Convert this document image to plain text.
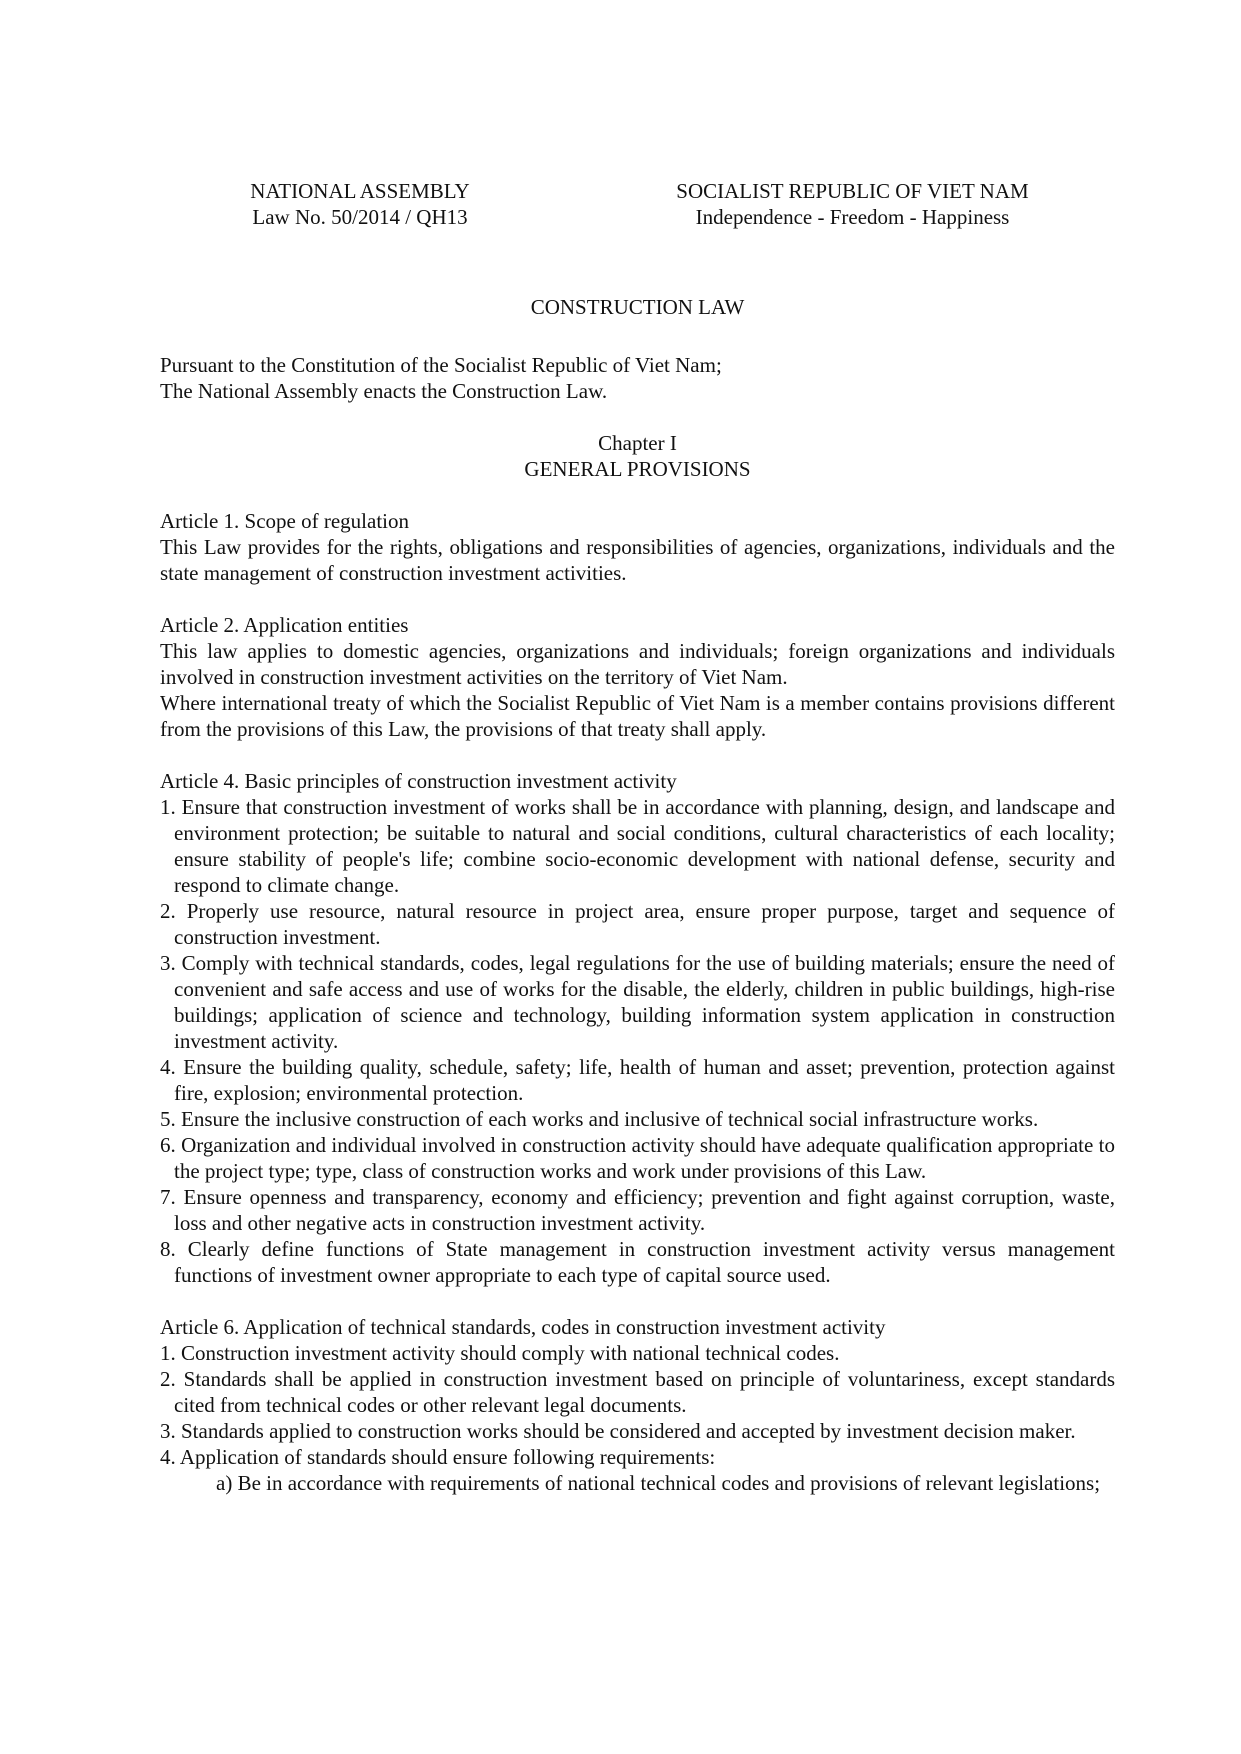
NATIONAL ASSEMBLY
Law No. 50/2014 / QH13
SOCIALIST REPUBLIC OF VIET NAM
Independence - Freedom - Happiness
CONSTRUCTION LAW
Pursuant to the Constitution of the Socialist Republic of Viet Nam;
The National Assembly enacts the Construction Law.
Chapter I
GENERAL PROVISIONS
Article 1. Scope of regulation

This Law provides for the rights, obligations and responsibilities of agencies, organizations, individuals and the state management of construction investment activities.

Article 2. Application entities

This law applies to domestic agencies, organizations and individuals; foreign organizations and individuals involved in construction investment activities on the territory of Viet Nam.

Where international treaty of which the Socialist Republic of Viet Nam is a member contains provisions different from the provisions of this Law, the provisions of that treaty shall apply.

Article 4. Basic principles of construction investment activity
1. Ensure that construction investment of works shall be in accordance with planning, design, and landscape and environment protection; be suitable to natural and social conditions, cultural characteristics of each locality; ensure stability of people's life; combine socio-economic development with national defense, security and respond to climate change.
2. Properly use resource, natural resource in project area, ensure proper purpose, target and sequence of construction investment.
3. Comply with technical standards, codes, legal regulations for the use of building materials; ensure the need of convenient and safe access and use of works for the disable, the elderly, children in public buildings, high-rise buildings; application of science and technology, building information system application in construction investment activity.
4. Ensure the building quality, schedule, safety; life, health of human and asset; prevention, protection against fire, explosion; environmental protection.
5. Ensure the inclusive construction of each works and inclusive of technical social infrastructure works.
6. Organization and individual involved in construction activity should have adequate qualification appropriate to the project type; type, class of construction works and work under provisions of this Law.
7. Ensure openness and transparency, economy and efficiency; prevention and fight against corruption, waste, loss and other negative acts in construction investment activity.
8. Clearly define functions of State management in construction investment activity versus management functions of investment owner appropriate to each type of capital source used.
Article 6. Application of technical standards, codes in construction investment activity
1. Construction investment activity should comply with national technical codes.
2. Standards shall be applied in construction investment based on principle of voluntariness, except standards cited from technical codes or other relevant legal documents.
3. Standards applied to construction works should be considered and accepted by investment decision maker.
4. Application of standards should ensure following requirements:
a) Be in accordance with requirements of national technical codes and provisions of relevant legislations;
